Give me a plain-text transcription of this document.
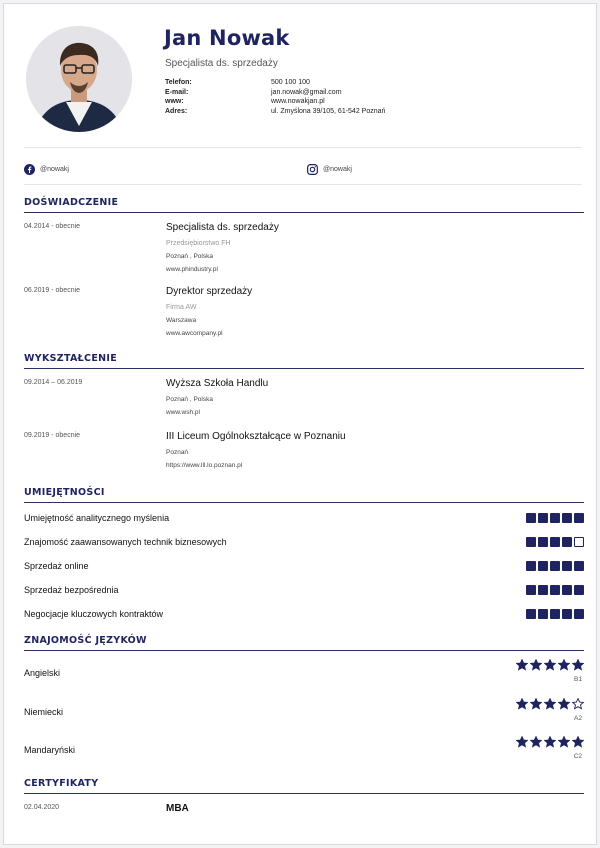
Jan Nowak
Specjalista ds. sprzedaży
Telefon:	500 100 100
E-mail:	jan.nowak@gmail.com
www:	www.nowakjan.pl
Adres:	ul. Zmyślona 39/105, 61-542 Poznań
@nowakj	@nowakj
DOŚWIADCZENIE
04.2014 - obecnie	Specjalista ds. sprzedaży
Przedsiębiorstwo FH
Poznań , Polska
www.phindustry.pl
06.2019 - obecnie	Dyrektor sprzedaży
Firma AW
Warszawa
www.awcompany.pl
WYKSZTAŁCENIE
09.2014 – 06.2019	Wyższa Szkoła Handlu
Poznań , Polska
www.wsh.pl
09.2019 - obecnie	III Liceum Ogólnokształcące w Poznaniu
Poznań
https://www.lll.lo.poznan.pl
UMIEJĘTNOŚCI
Umiejętność analitycznego myślenia
Znajomość zaawansowanych technik biznesowych
Sprzedaż online
Sprzedaż bezpośrednia
Negocjacje kluczowych kontraktów
ZNAJOMOŚĆ JĘZYKÓW
Angielski
B1
Niemiecki
A2
Mandaryński
C2
CERTYFIKATY
02.04.2020	MBA
